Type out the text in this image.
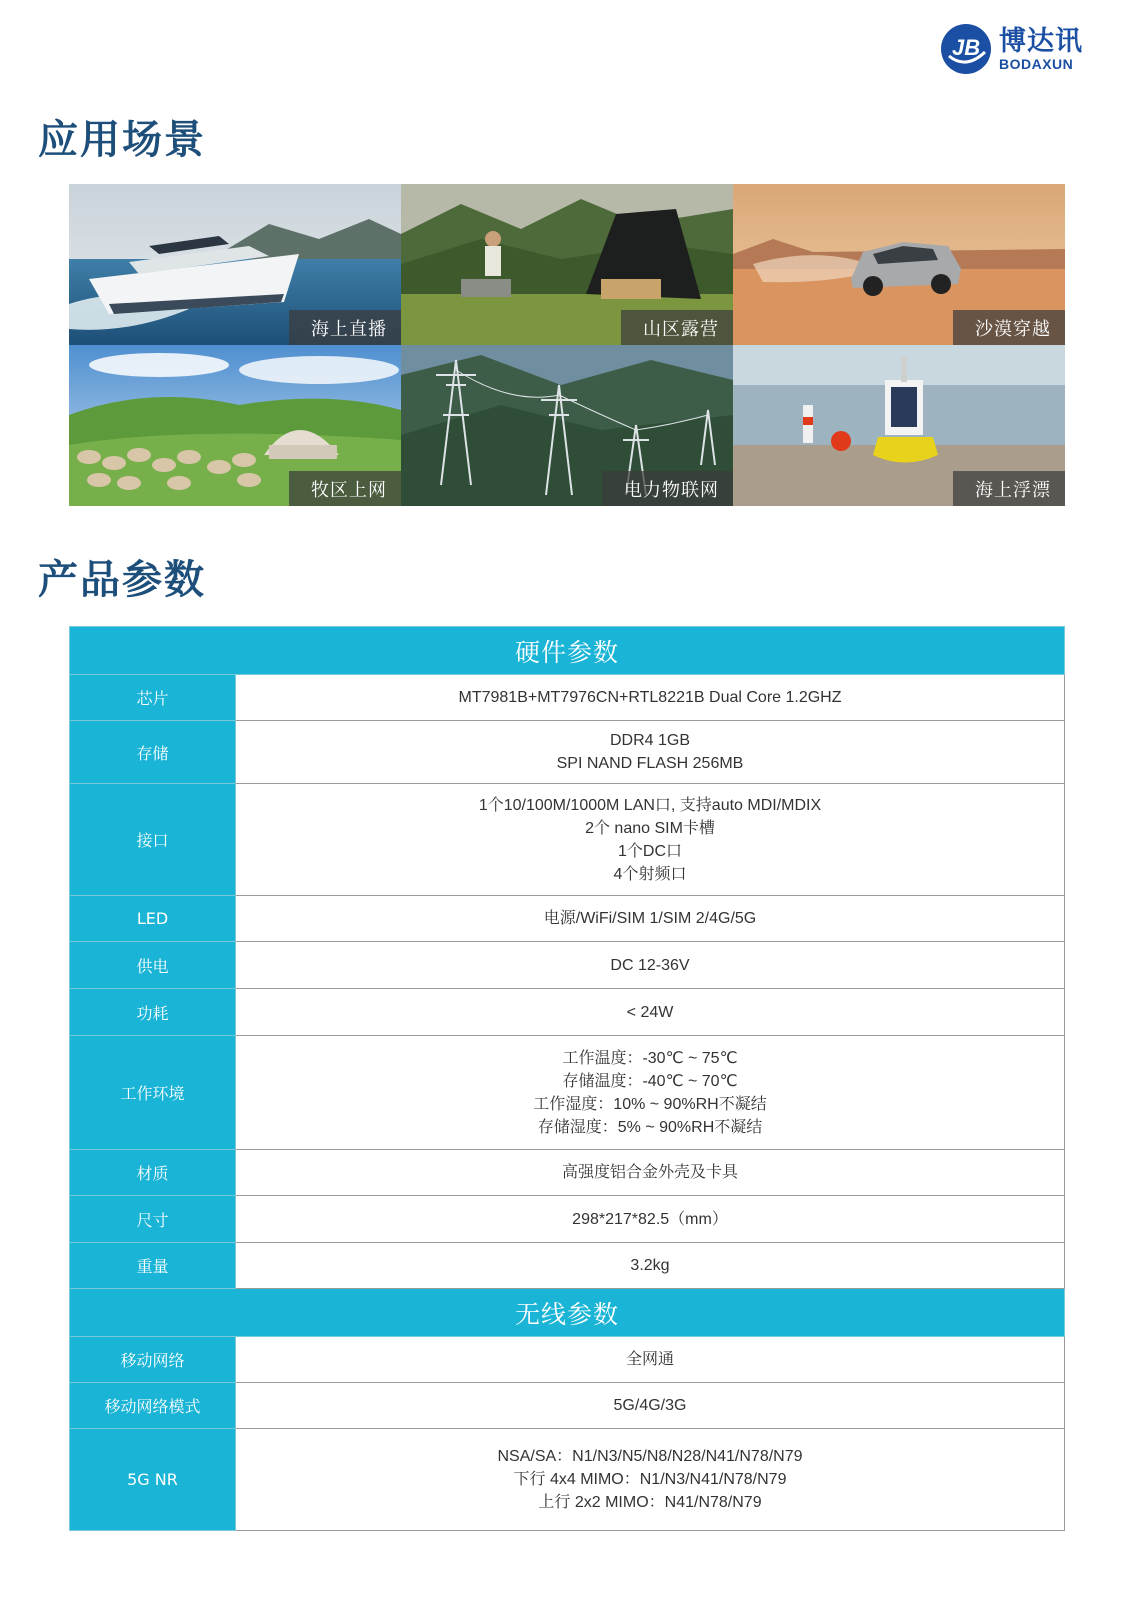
JB 博达讯
BODAXUN
应用场景
海上直播	山区露营	沙漠穿越
牧区上网	电力物联网	海上浮漂
产品参数
硬件参数	
芯片	MT7981B+MT7976CN+RTL8221B Dual Core 1.2GHZ

存储	DDR4 1GB
SPI NAND FLASH 256MB

接口	1个10/100M/1000M LAN口, 支持auto MDI/MDIX
2个 nano SIM卡槽
1个DC口
4个射频口

LED	电源/WiFi/SIM 1/SIM 2/4G/5G

供电	DC 12-36V

功耗	< 24W

工作环境	工作温度：-30℃ ~ 75℃
存储温度：-40℃ ~ 70℃
工作湿度：10% ~ 90%RH不凝结
存储湿度：5% ~ 90%RH不凝结

材质	高强度铝合金外壳及卡具

尺寸	298*217*82.5（mm）

重量	3.2kg

无线参数	
移动网络	全网通

移动网络模式	5G/4G/3G

5G NR	NSA/SA：N1/N3/N5/N8/N28/N41/N78/N79
下行 4x4 MIMO：N1/N3/N41/N78/N79
上行 2x2 MIMO：N41/N78/N79
